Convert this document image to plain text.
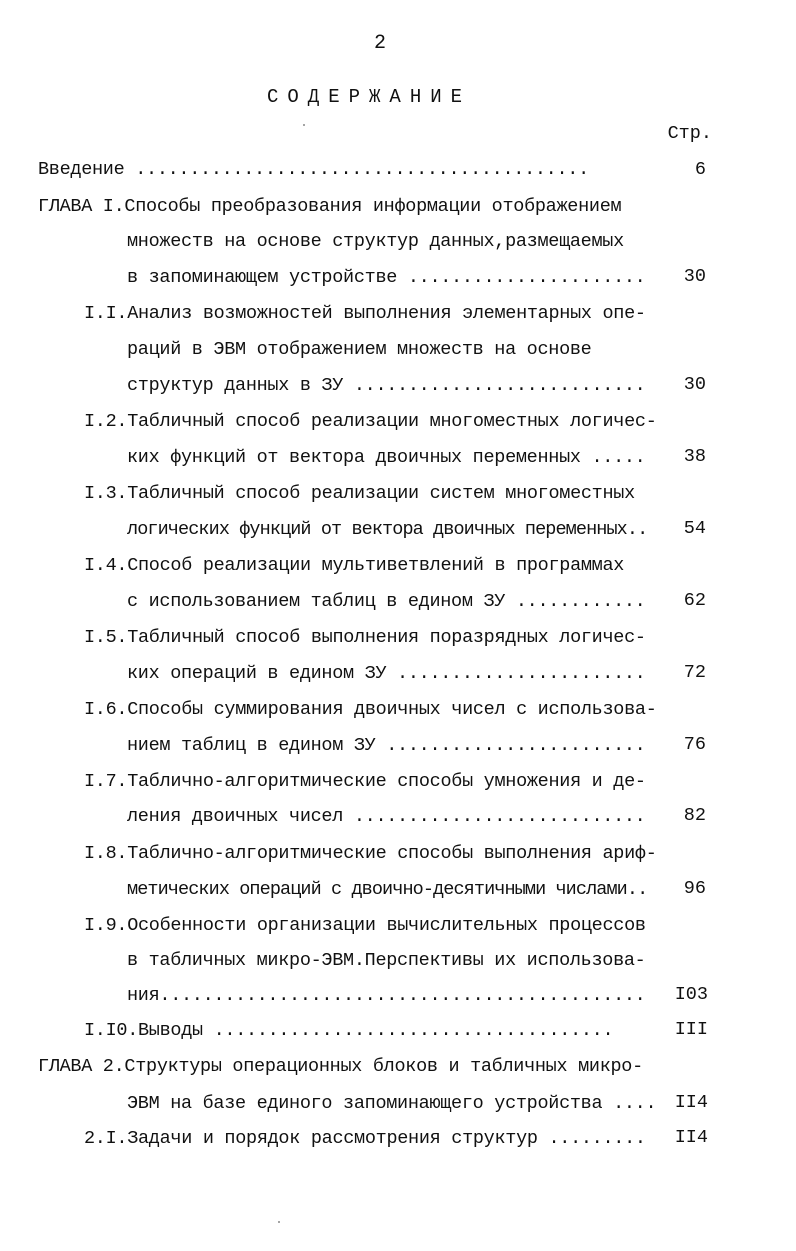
2
СОДЕРЖАНИЕ
Стр.
Введение ..........................................	6
ГЛАВА I.Способы преобразования информации отображением
множеств на основе структур данных,размещаемых
в запоминающем устройстве ......................	30
I.I.Анализ возможностей выполнения элементарных опе-
раций в ЭВМ отображением множеств на основе
структур данных в ЗУ ...........................	30
I.2.Табличный способ реализации многоместных логичес-
ких функций от вектора двоичных переменных .....	38
I.3.Табличный способ реализации систем многоместных
логических функций от вектора двоичных переменных..	54
I.4.Способ реализации мультиветвлений в программах
с использованием таблиц в едином ЗУ ............	62
I.5.Табличный способ выполнения поразрядных логичес-
ких операций в едином ЗУ .......................	72
I.6.Способы суммирования двоичных чисел с использова-
нием таблиц в едином ЗУ ........................	76
I.7.Таблично-алгоритмические способы умножения и де-
ления двоичных чисел ...........................	82
I.8.Таблично-алгоритмические способы выполнения ариф-
метических операций с двоично-десятичными числами..	96
I.9.Особенности организации вычислительных процессов
в табличных микро-ЭВМ.Перспективы их использова-
ния.............................................	I03
I.I0.Выводы .....................................	III
ГЛАВА 2.Структуры операционных блоков и табличных микро-
ЭВМ на базе единого запоминающего устройства .... II4
2.I.Задачи и порядок рассмотрения структур .........	II4
